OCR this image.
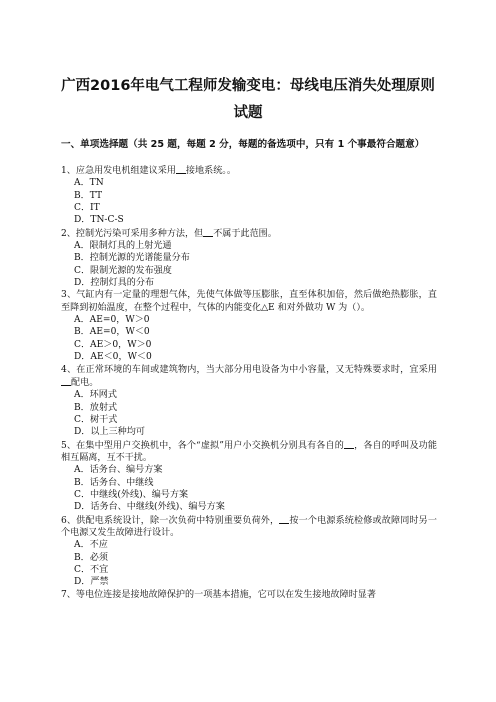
广西2016年电气工程师发输变电：母线电压消失处理原则
试题
一、单项选择题（共 25 题，每题 2 分，每题的备选项中，只有 1 个事最符合题意）

1、应急用发电机组建议采用 接地系统。。

A．TN
B．TT
C．IT
D．TN-C-S

2、控制光污染可采用多种方法，但 不属于此范围。

A．限制灯具的上射光通
B．控制光源的光谱能量分布
C．限制光源的发布强度
D．控制灯具的分布

3、气缸内有一定量的理想气体，先使气体做等压膨胀，直至体积加倍，然后做绝热膨胀，直至降到初始温度，在整个过程中，气体的内能变化△E 和对外做功 W 为（）。

A．AE=0，W＞0
B．AE=0，W＜0
C．AE＞0，W＞0
D．AE＜0，W＜0

4、在正常环境的车间或建筑物内，当大部分用电设备为中小容量，又无特殊要求时，宜采用配电。

A．环网式
B．放射式
C．树干式
D．以上三种均可

5、在集中型用户交换机中，各个“虚拟”用户小交换机分别具有各自的 ，各自的呼叫及功能相互隔离，互不干扰。

A．话务台、编号方案
B．话务台、中继线
C．中继线(外线)、编号方案
D．话务台、中继线(外线)、编号方案

6、供配电系统设计，除一次负荷中特别重要负荷外， 按一个电源系统检修或故障同时另一个电源又发生故障进行设计。

A．不应
B．必须
C．不宜
D．严禁

7、等电位连接是接地故障保护的一项基本措施，它可以在发生接地故障时显著
